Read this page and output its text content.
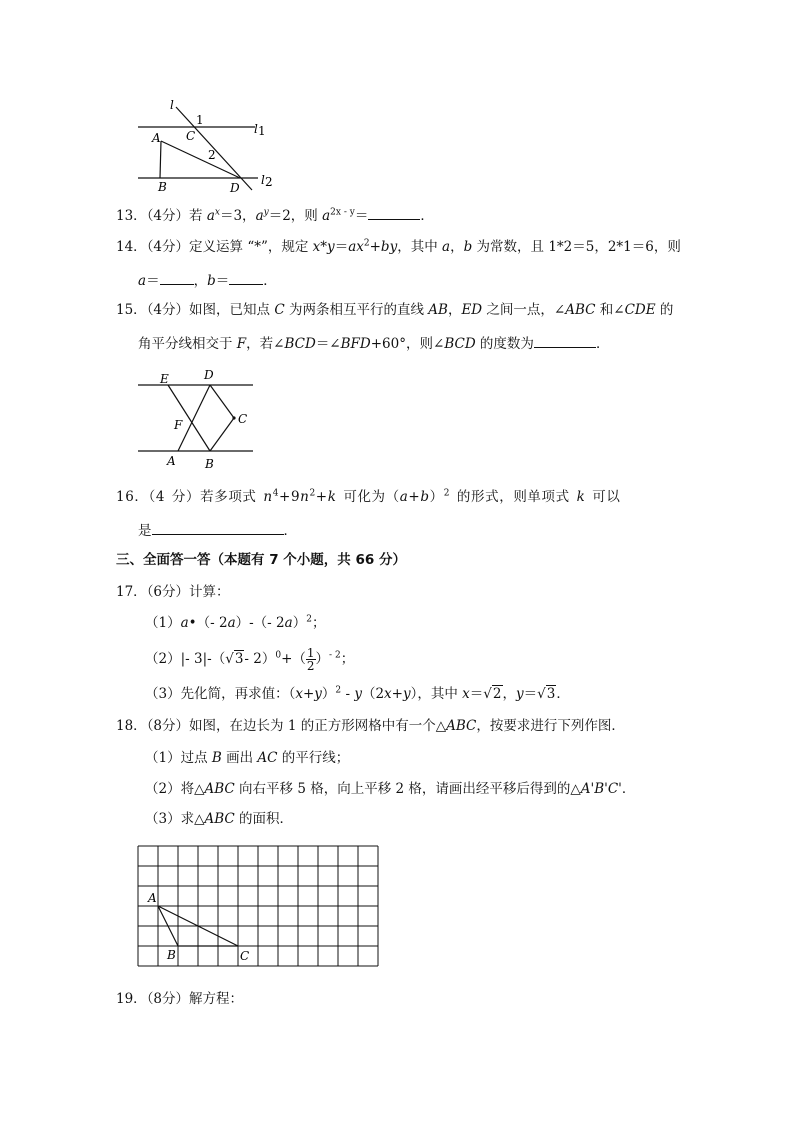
l
1
C	l 1
A
2
B	D
l 2
13．（4分）若 $a^x=3$，$a^y=2$，则 $a^{2x - y}=$	．
14．（4分）定义运算 “*”，规定 $x*y=ax^2+by$，其中 a，b 为常数，且 1*2＝5，2*1＝6，则
a＝	，b＝	．
15．（4分）如图，已知点 C 为两条相互平行的直线 AB，ED 之间一点，∠ABC 和∠CDE 的
角平分线相交于 F，若∠BCD＝∠BFD+60°，则∠BCD 的度数为	．
E	D
C
F
A B
16．（4 分）若多项式 $n^4+9n^2+k$ 可化为$(a+b)^2$ 的形式，则单项式 k 可以
是	．
三、全面答一答（本题有 7 个小题，共 66 分）
17．（6分）计算：
（1）a•（- 2a）-（- 2a）$^2$；
（2）|- 3|-（√3- $2)^0+( \frac{1}{2} )^{- 2}$；
（3）先化简，再求值：$(x+y)^2 - y(2x+y)$，其中 x＝√2，y＝√3．
18．（8分）如图，在边长为 1 的正方形网格中有一个△ABC，按要求进行下列作图．
（1）过点 B 画出 AC 的平行线；
（2）将△ABC 向右平移 5 格，向上平移 2 格，请画出经平移后得到的△A'B'C'．
（3）求△ABC 的面积．
A
B	C
19．（8分）解方程：
